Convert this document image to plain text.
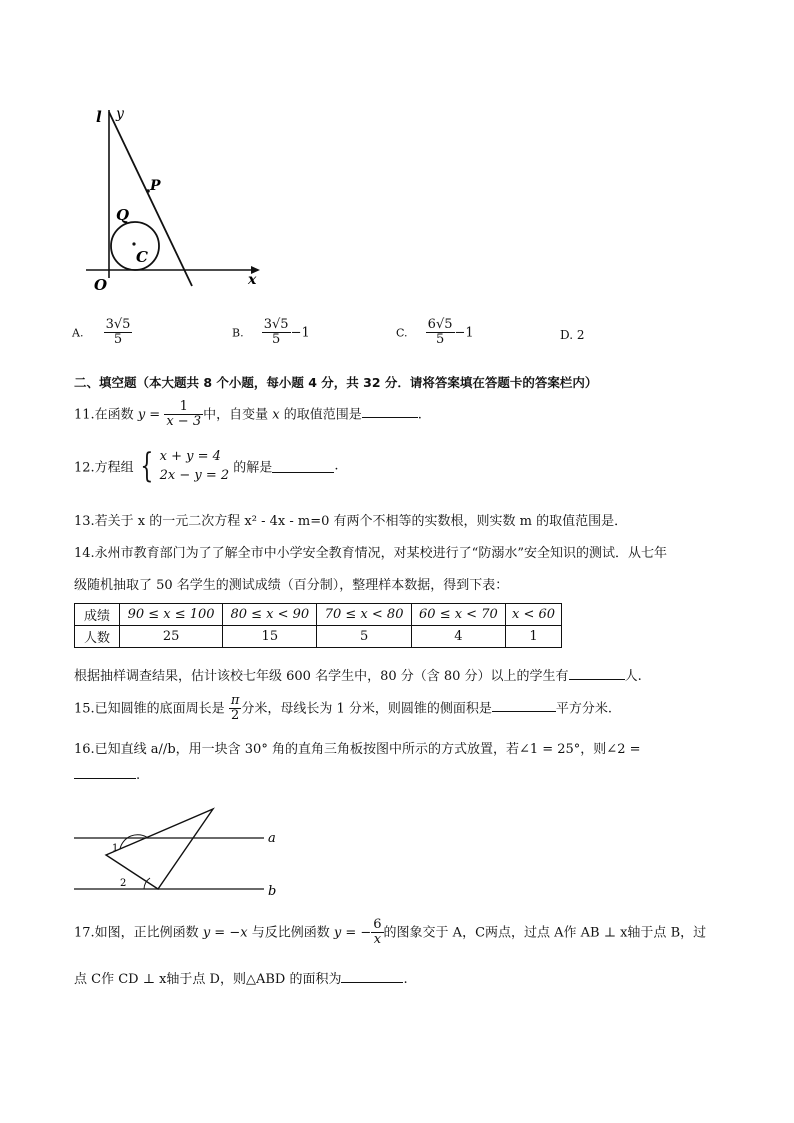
l y
P
Q
C
O	x
A. $\frac{3√5}{5}$	B. $\frac{3√5}{5} -1$	C. $\frac{6√5}{5} -1$	D. 2
二、填空题（本大题共 8 个小题，每小题 4 分，共 32 分．请将答案填在答题卡的答案栏内）
11.在函数 $y = \frac{1}{x - 3}$ 中，自变量 x 的取值范围是	.
12.方程组 { x + y = 4
2x − y = 2 的解是	.
13.若关于 x 的一元二次方程 x² - 4x - m=0 有两个不相等的实数根，则实数 m 的取值范围是．
14.永州市教育部门为了了解全市中小学安全教育情况，对某校进行了“防溺水”安全知识的测试．从七年
级随机抽取了 50 名学生的测试成绩（百分制），整理样本数据，得到下表：
成绩	90 ≤ x ≤ 100	80 ≤ x < 90	70 ≤ x < 80	60 ≤ x < 70	x < 60
人数	25	15	5	4	1
根据抽样调查结果，估计该校七年级 600 名学生中，80 分（含 80 分）以上的学生有	人.
15.已知圆锥的底面周长是 $\frac{\pi}{2}$ 分米，母线长为 1 分米，则圆锥的侧面积是	平方分米.
16.已知直线 a//b，用一块含 30° 角的直角三角板按图中所示的方式放置，若∠1 = 25°，则∠2 =
.
1
2
a
b
17.如图，正比例函数 y = −x 与反比例函数 y = − $\frac{6}{x}$ 的图象交于 A，C两点，过点 A作 AB ⊥ x轴于点 B，过
点 C作 CD ⊥ x轴于点 D，则△ABD 的面积为	.
